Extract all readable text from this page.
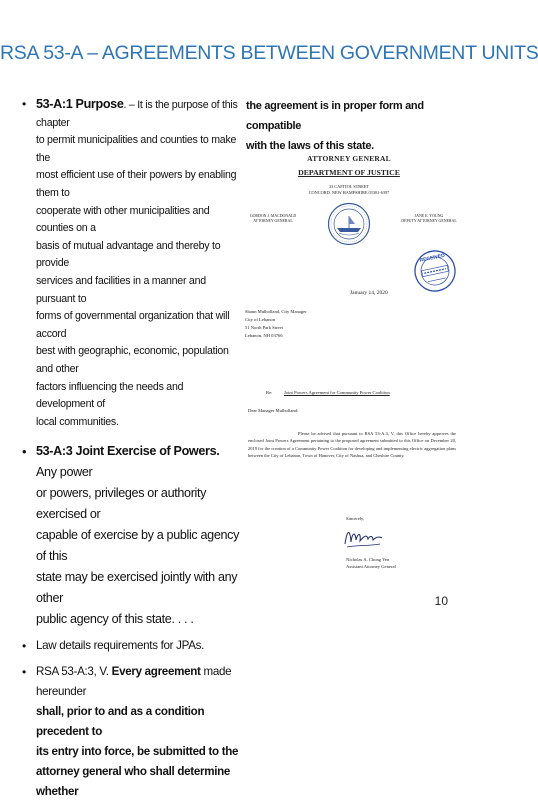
RSA 53-A – AGREEMENTS BETWEEN GOVERNMENT UNITS
• 53-A:1 Purpose. – It is the purpose of this chapter
to permit municipalities and counties to make the
most efficient use of their powers by enabling them to
cooperate with other municipalities and counties on a
basis of mutual advantage and thereby to provide
services and facilities in a manner and pursuant to
forms of governmental organization that will accord
best with geographic, economic, population and other
factors influencing the needs and development of
local communities.
• 53-A:3 Joint Exercise of Powers. Any power
or powers, privileges or authority exercised or
capable of exercise by a public agency of this
state may be exercised jointly with any other
public agency of this state. . . .
• Law details requirements for JPAs.
• RSA 53-A:3, V. Every agreement made hereunder
shall, prior to and as a condition precedent to
its entry into force, be submitted to the
attorney general who shall determine whether
the agreement is in proper form and compatible
with the laws of this state.
ATTORNEY GENERAL
DEPARTMENT OF JUSTICE
33 CAPITOL STREET
CONCORD, NEW HAMPSHIRE 03301-6397
GORDON J. MACDONALD
ATTORNEY GENERAL
JANE E. YOUNG
DEPUTY ATTORNEY GENERAL
RECEIVED
January 14, 2020
Shaun Mulholland, City Manager
City of Lebanon
51 North Park Street
Lebanon, NH 03766
Re:	Joint Powers Agreement for Community Power Coalition
Dear Manager Mulholland:
Please be advised that pursuant to RSA 53-A:3, V, this Office hereby approves the enclosed Joint Powers Agreement pertaining to the proposed agreement submitted to this Office on December 20, 2019 for the creation of a Community Power Coalition for developing and implementing electric aggregation plans between the City of Lebanon, Town of Hanover, City of Nashua, and Cheshire County.
Sincerely,
Nicholas A. Chong Yen
Assistant Attorney General
10
